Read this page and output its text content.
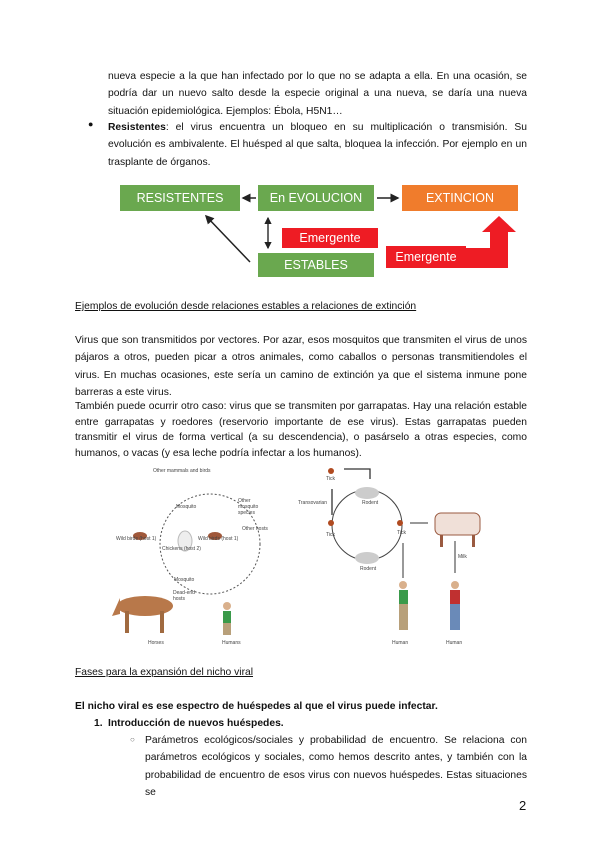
nueva especie a la que han infectado por lo que no se adapta a ella. En una ocasión, se podría dar un nuevo salto desde la especie original a una nueva, se daría una nueva situación epidemiológica. Ejemplos: Ébola, H5N1…
● Resistentes: el virus encuentra un bloqueo en su multiplicación o transmisión. Su evolución es ambivalente. El huésped al que salta, bloquea la infección. Por ejemplo en un trasplante de órganos.
RESISTENTES	En EVOLUCION	EXTINCION
Emergente
ESTABLES
Emergente
Ejemplos de evolución desde relaciones estables a relaciones de extinción
Virus que son transmitidos por vectores. Por azar, esos mosquitos que transmiten el virus de unos pájaros a otros, pueden picar a otros animales, como caballos o personas transmitiendoles el virus. En muchas ocasiones, este sería un camino de extinción ya que el sistema inmune pone barreras a este virus.
También puede ocurrir otro caso: virus que se transmiten por garrapatas. Hay una relación estable entre garrapatas y roedores (reservorio importante de ese virus). Estas garrapatas pueden transmitir el virus de forma vertical (a su descendencia), o pasárselo a otras especies, como humanos, o vacas (y esa leche podría infectar a los humanos).
Other mammals and birds
Mosquito
Other mosquito species
Other hosts
Wild birds (host 1)	Wild birds (host 1)
Chickens (host 2)
Mosquito
Dead-end hosts
Horses	Humans
Tick
Transovarian	Rodent
Tick	Tick
Rodent
Milk
Human	Human
Fases para la expansión del nicho viral
El nicho viral es ese espectro de huéspedes al que el virus puede infectar.
1. Introducción de nuevos huéspedes.
○ Parámetros ecológicos/sociales y probabilidad de encuentro. Se relaciona con parámetros ecológicos y sociales, como hemos descrito antes, y también con la probabilidad de encuentro de esos virus con nuevos huéspedes. Estas situaciones se
2
